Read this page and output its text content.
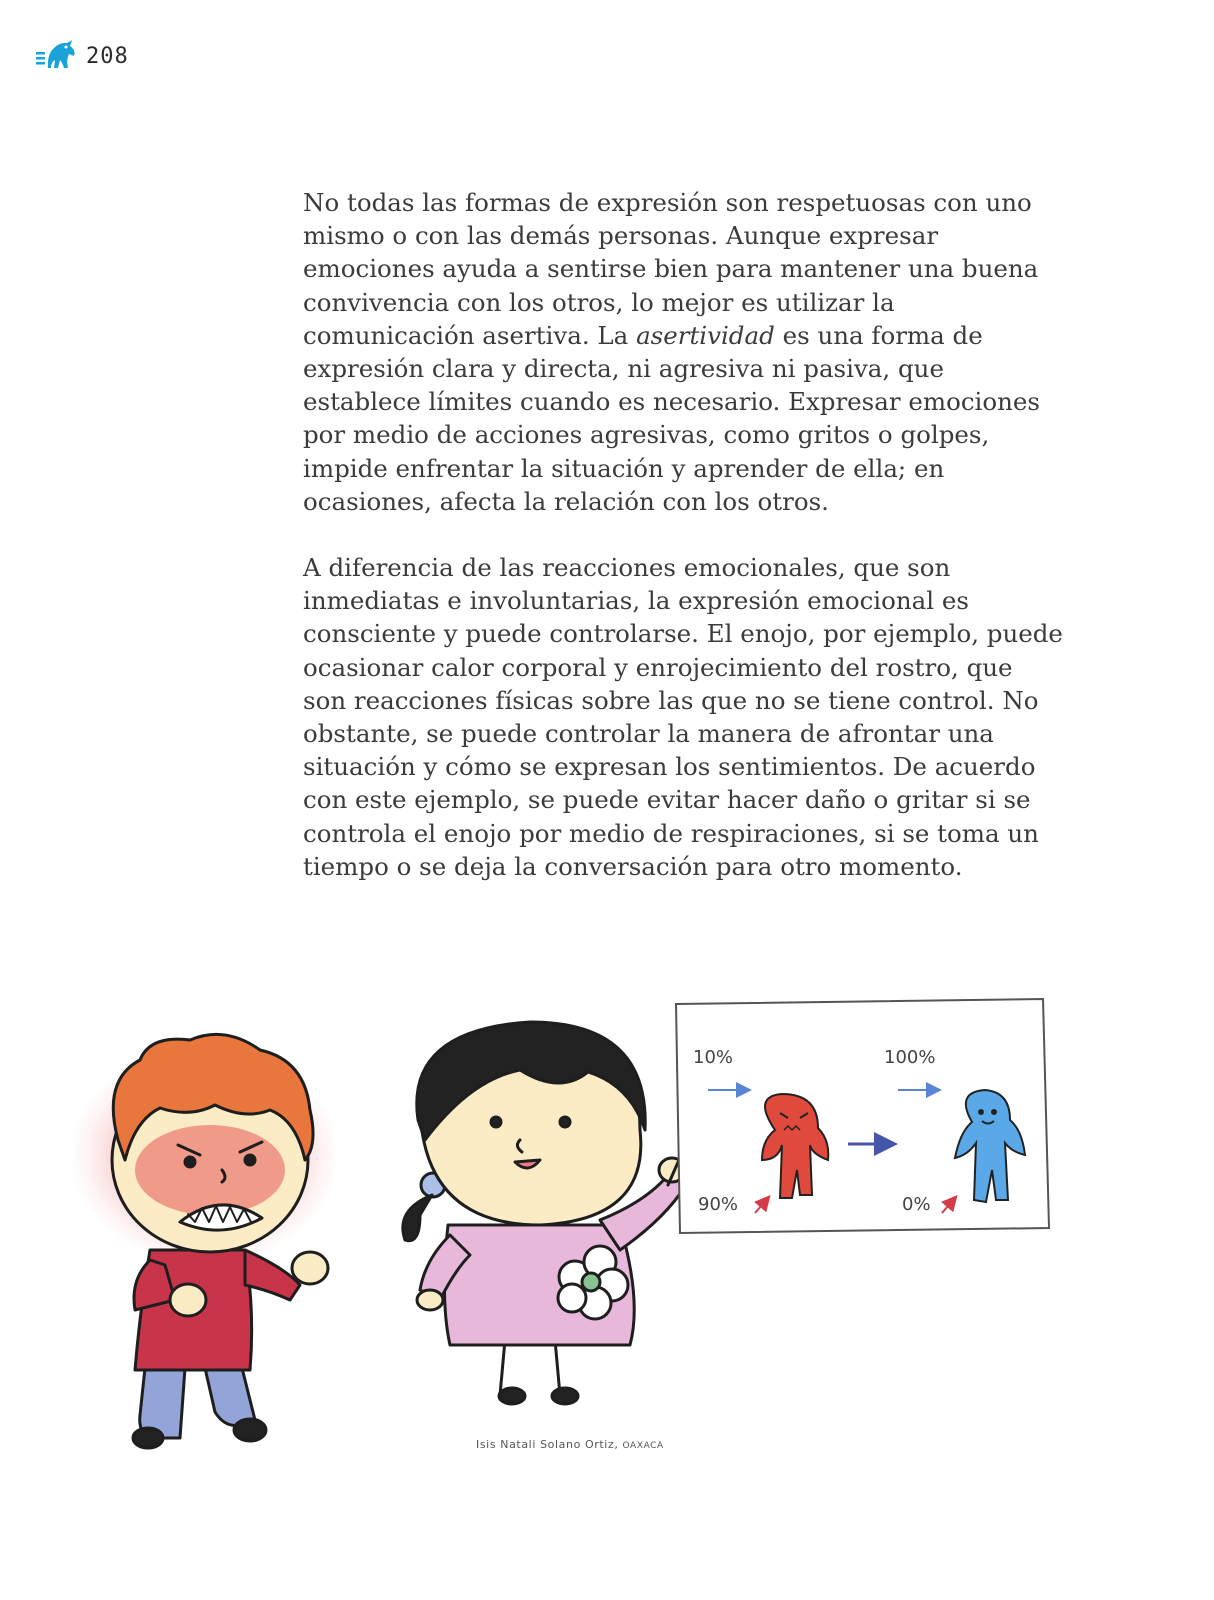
208

No todas las formas de expresión son respetuosas con uno mismo o con las demás personas. Aunque expresar emociones ayuda a sentirse bien para mantener una buena convivencia con los otros, lo mejor es utilizar la comunicación asertiva. La asertividad es una forma de expresión clara y directa, ni agresiva ni pasiva, que establece límites cuando es necesario. Expresar emociones por medio de acciones agresivas, como gritos o golpes, impide enfrentar la situación y aprender de ella; en ocasiones, afecta la relación con los otros.

A diferencia de las reacciones emocionales, que son inmediatas e involuntarias, la expresión emocional es consciente y puede controlarse. El enojo, por ejemplo, puede ocasionar calor corporal y enrojecimiento del rostro, que son reacciones físicas sobre las que no se tiene control. No obstante, se puede controlar la manera de afrontar una situación y cómo se expresan los sentimientos. De acuerdo con este ejemplo, se puede evitar hacer daño o gritar si se controla el enojo por medio de respiraciones, si se toma un tiempo o se deja la conversación para otro momento.

10%
90%
100%
0%
Isis Natali Solano Ortiz, OAXACA
